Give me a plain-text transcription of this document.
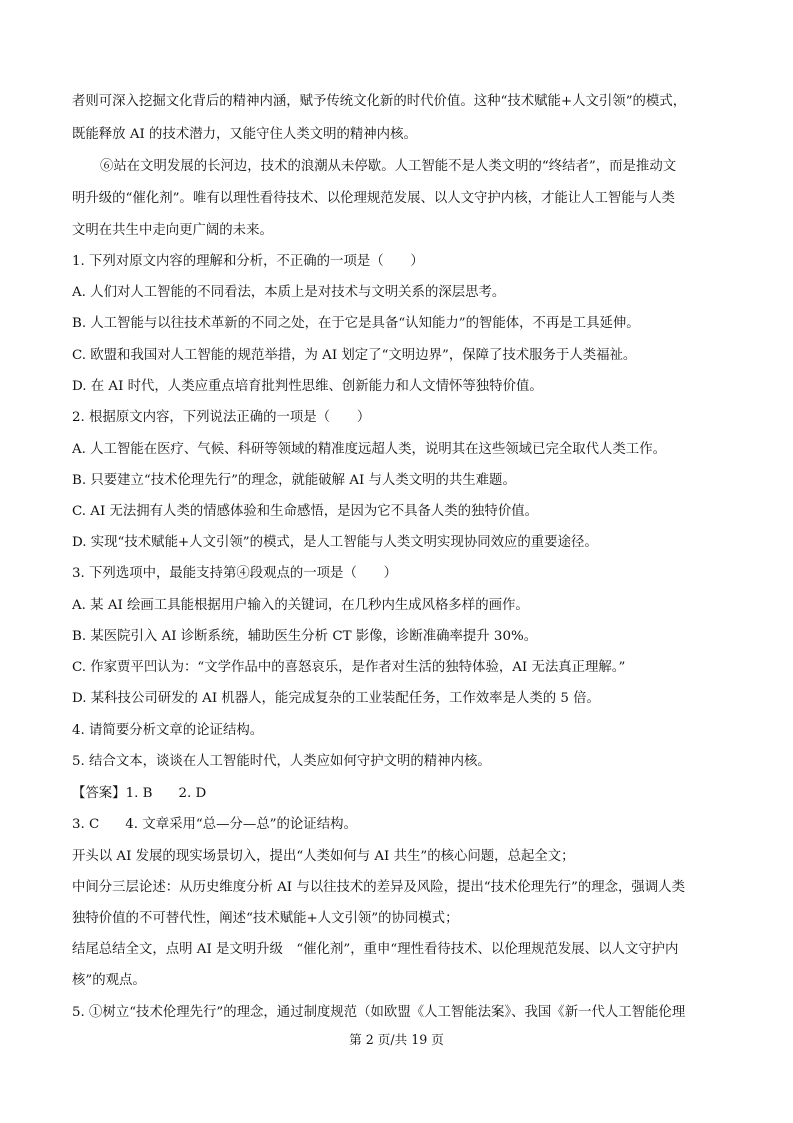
者则可深入挖掘文化背后的精神内涵，赋予传统文化新的时代价值。这种“技术赋能+人文引领”的模式，
既能释放 AI 的技术潜力，又能守住人类文明的精神内核。
⑥站在文明发展的长河边，技术的浪潮从未停歇。人工智能不是人类文明的“终结者”，而是推动文
明升级的“催化剂”。唯有以理性看待技术、以伦理规范发展、以人文守护内核，才能让人工智能与人类
文明在共生中走向更广阔的未来。
1. 下列对原文内容的理解和分析，不正确的一项是（　　）
A. 人们对人工智能的不同看法，本质上是对技术与文明关系的深层思考。
B. 人工智能与以往技术革新的不同之处，在于它是具备“认知能力”的智能体，不再是工具延伸。
C. 欧盟和我国对人工智能的规范举措，为 AI 划定了“文明边界”，保障了技术服务于人类福祉。
D. 在 AI 时代，人类应重点培育批判性思维、创新能力和人文情怀等独特价值。
2. 根据原文内容，下列说法正确的一项是（　　）
A. 人工智能在医疗、气候、科研等领域的精准度远超人类，说明其在这些领域已完全取代人类工作。
B. 只要建立“技术伦理先行”的理念，就能破解 AI 与人类文明的共生难题。
C. AI 无法拥有人类的情感体验和生命感悟，是因为它不具备人类的独特价值。
D. 实现“技术赋能+人文引领”的模式，是人工智能与人类文明实现协同效应的重要途径。
3. 下列选项中，最能支持第④段观点的一项是（　　）
A. 某 AI 绘画工具能根据用户输入的关键词，在几秒内生成风格多样的画作。
B. 某医院引入 AI 诊断系统，辅助医生分析 CT 影像，诊断准确率提升 30%。
C. 作家贾平凹认为：“文学作品中的喜怒哀乐，是作者对生活的独特体验，AI 无法真正理解。”
D. 某科技公司研发的 AI 机器人，能完成复杂的工业装配任务，工作效率是人类的 5 倍。
4. 请简要分析文章的论证结构。
5. 结合文本，谈谈在人工智能时代，人类应如何守护文明的精神内核。
【答案】1. B 2. D
3. C 4. 文章采用“总—分—总”的论证结构。
开头以 AI 发展的现实场景切入，提出“人类如何与 AI 共生”的核心问题，总起全文；
中间分三层论述：从历史维度分析 AI 与以往技术的差异及风险，提出“技术伦理先行”的理念，强调人类
独特价值的不可替代性，阐述“技术赋能+人文引领”的协同模式；
结尾总结全文，点明 AI 是文明升级　“催化剂”，重申“理性看待技术、以伦理规范发展、以人文守护内
核”的观点。
5. ①树立“技术伦理先行”的理念，通过制度规范（如欧盟《人工智能法案》、我国《新一代人工智能伦理
第 2 页/共 19 页
